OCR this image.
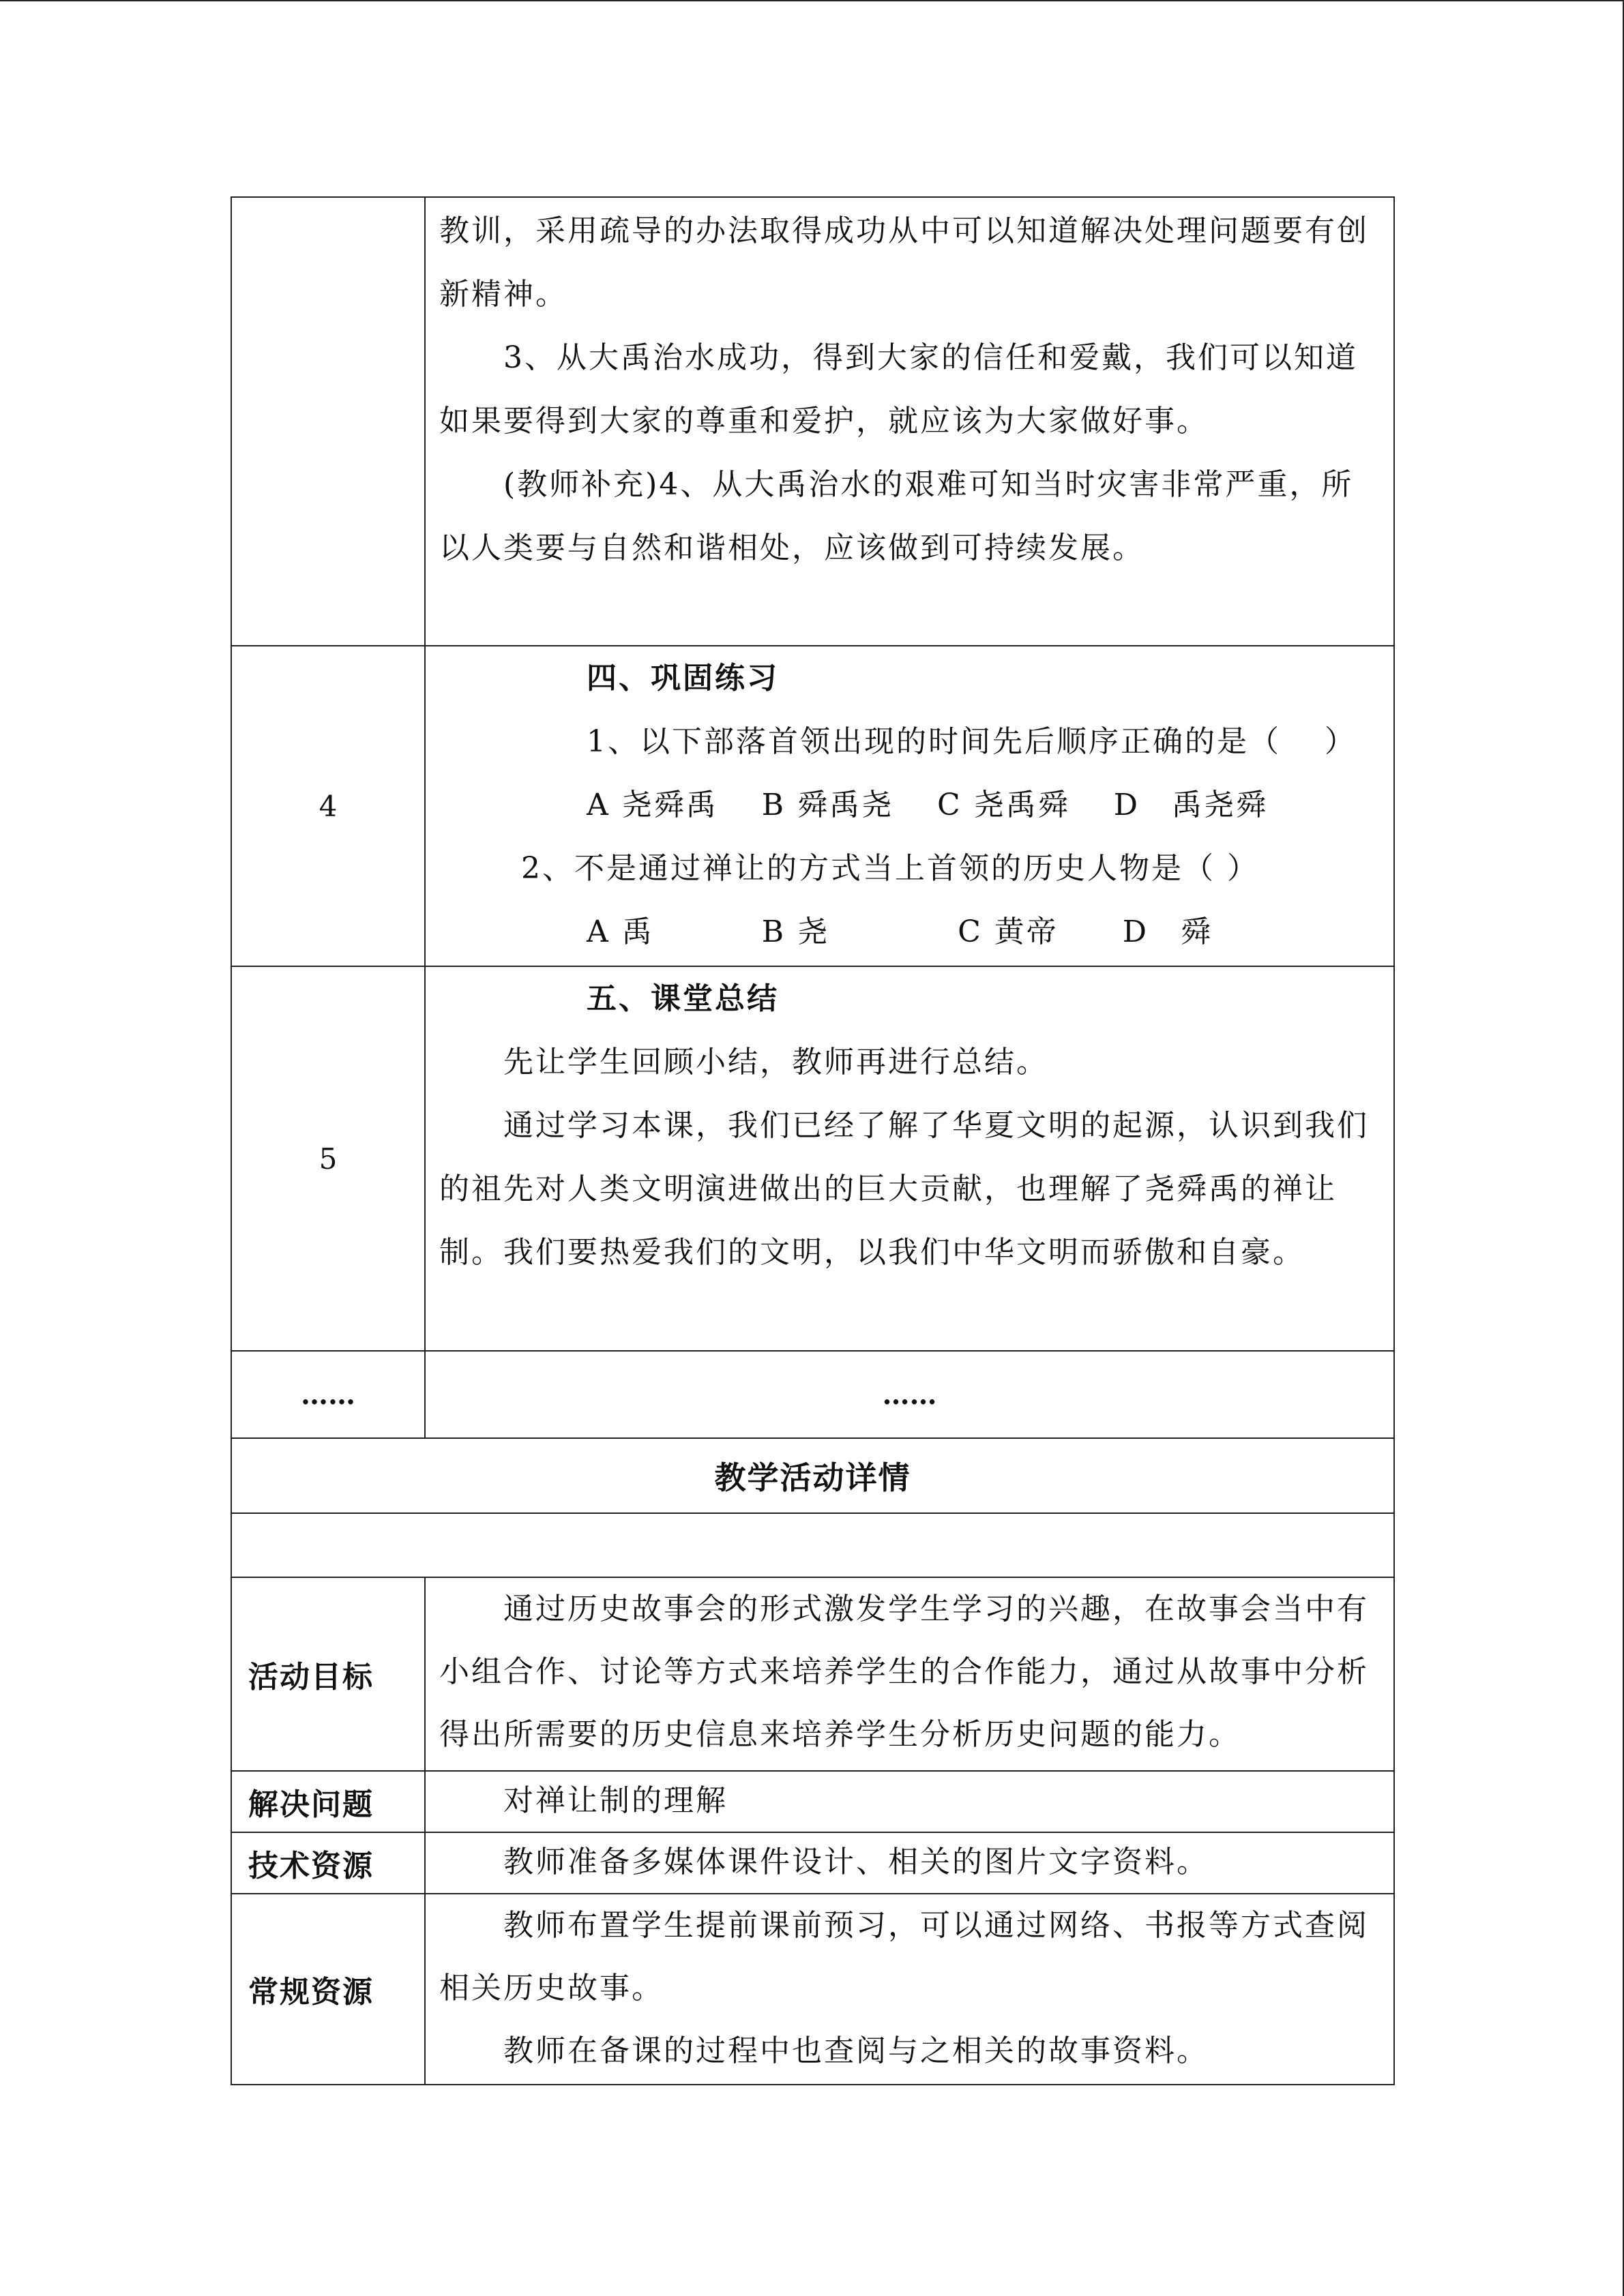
	教训，采用疏导的办法取得成功从中可以知道解决处理问题要有创新精神。

3、从大禹治水成功，得到大家的信任和爱戴，我们可以知道如果要得到大家的尊重和爱护，就应该为大家做好事。

(教师补充)4、从大禹治水的艰难可知当时灾害非常严重，所以人类要与自然和谐相处，应该做到可持续发展。

4	四、巩固练习

1、以下部落首领出现的时间先后顺序正确的是（　 ）

A 尧舜禹　 B 舜禹尧　 C 尧禹舜　 D　禹尧舜

2、不是通过禅让的方式当上首领的历史人物是（ ）

A 禹　　　 B 尧　　　　C 黄帝　　D　舜

5	五、课堂总结

先让学生回顾小结，教师再进行总结。

通过学习本课，我们已经了解了华夏文明的起源，认识到我们的祖先对人类文明演进做出的巨大贡献，也理解了尧舜禹的禅让制。我们要热爱我们的文明，以我们中华文明而骄傲和自豪。

……	……
教学活动详情	

活动目标	通过历史故事会的形式激发学生学习的兴趣，在故事会当中有小组合作、讨论等方式来培养学生的合作能力，通过从故事中分析得出所需要的历史信息来培养学生分析历史问题的能力。

解决问题	对禅让制的理解

技术资源	教师准备多媒体课件设计、相关的图片文字资料。

常规资源	教师布置学生提前课前预习，可以通过网络、书报等方式查阅相关历史故事。

教师在备课的过程中也查阅与之相关的故事资料。
